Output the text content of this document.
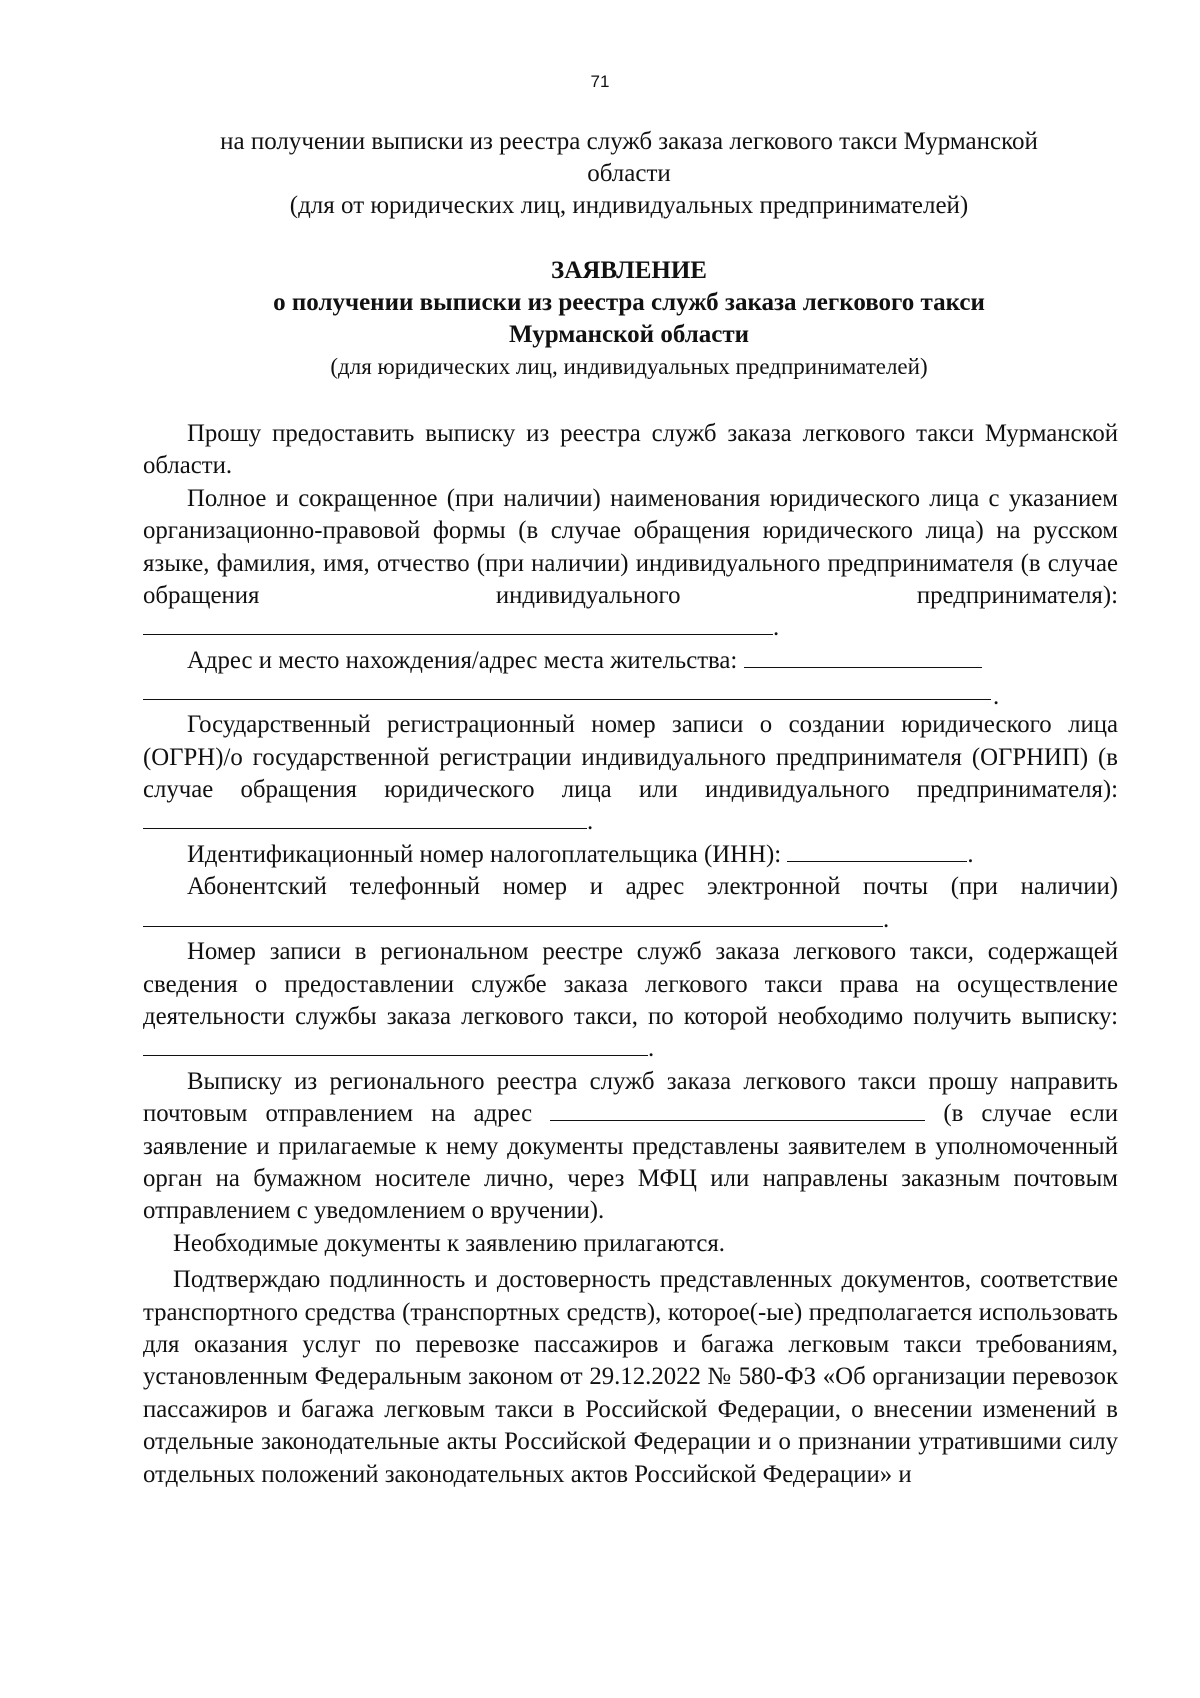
71
на получении выписки из реестра служб заказа легкового такси Мурманской
области
(для от юридических лиц, индивидуальных предпринимателей)
ЗАЯВЛЕНИЕ
о получении выписки из реестра служб заказа легкового такси
Мурманской области
(для юридических лиц, индивидуальных предпринимателей)

Прошу предоставить выписку из реестра служб заказа легкового такси Мурманской области.

Полное и сокращенное (при наличии) наименования юридического лица с указанием организационно-правовой формы (в случае обращения юридического лица) на русском языке, фамилия, имя, отчество (при наличии) индивидуального предпринимателя (в случае обращения индивидуального предпринимателя): .

Адрес и место нахождения/адрес места жительства:

.

Государственный регистрационный номер записи о создании юридического лица (ОГРН)/о государственной регистрации индивидуального предпринимателя (ОГРНИП) (в случае обращения юридического лица или индивидуального предпринимателя): .

Идентификационный номер налогоплательщика (ИНН):	.

Абонентский телефонный номер и адрес электронной почты (при наличии).

Номер записи в региональном реестре служб заказа легкового такси, содержащей сведения о предоставлении службе заказа легкового такси права на осуществление деятельности службы заказа легкового такси, по которой необходимо получить выписку: .

Выписку из регионального реестра служб заказа легкового такси прошу направить почтовым отправлением на адрес	(в случае если заявление и прилагаемые к нему документы представлены заявителем в уполномоченный орган на бумажном носителе лично, через МФЦ или направлены заказным почтовым отправлением с уведомлением о вручении).

Необходимые документы к заявлению прилагаются.

Подтверждаю подлинность и достоверность представленных документов, соответствие транспортного средства (транспортных средств), которое(-ые) предполагается использовать для оказания услуг по перевозке пассажиров и багажа легковым такси требованиям, установленным Федеральным законом от 29.12.2022 № 580-ФЗ «Об организации перевозок пассажиров и багажа легковым такси в Российской Федерации, о внесении изменений в отдельные законодательные акты Российской Федерации и о признании утратившими силу отдельных положений законодательных актов Российской Федерации» и
